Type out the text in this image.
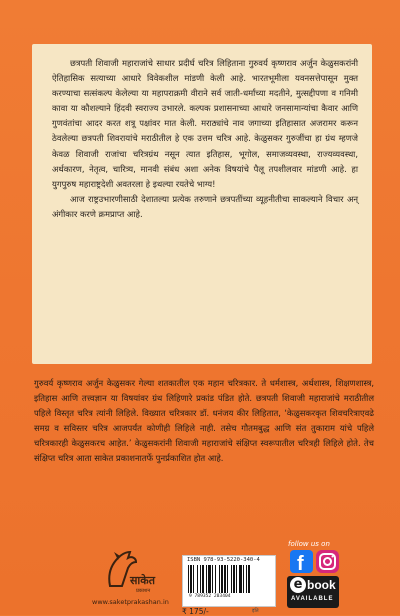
छत्रपती शिवाजी महाराजांचे साधार प्रदीर्घ चरित्र लिहिताना गुरुवर्य कृष्णराव अर्जुन केळुसकरांनी ऐतिहासिक सत्याच्या आधारे विवेकशील मांडणी केली आहे. भारतभूमीला यवनसत्तेपासून मुक्त करण्याचा सत्संकल्प केलेल्या या महापराक्रमी वीराने सर्व जाती-धर्मांच्या मदतीने, मुत्सद्दीपणा व गनिमी कावा या कौशल्याने हिंदवी स्वराज्य उभारले. कल्पक प्रशासनाच्या आधारे जनसामान्यांचा कैवार आणि गुणवंतांचा आदर करत शत्रू पक्षांवर मात केली. मराठ्यांचे नाव जगाच्या इतिहासात अजरामर करून ठेवलेल्या छत्रपती शिवरायांचे मराठीतील हे एक उत्तम चरित्र आहे. केळुसकर गुरुजींचा हा ग्रंथ म्हणजे केवळ शिवाजी राजांचा चरित्रग्रंथ नसून त्यात इतिहास, भूगोल, समाजव्यवस्था, राज्यव्यवस्था, अर्थकारण, नेतृत्व, चारित्र्य, मानवी संबंध अशा अनेक विषयांचे पैलू तपशीलवार मांडणी आहे. हा युगपुरुष महाराष्ट्रदेशी अवतरला हे इथल्या रयतेचे भाग्य!

आज राष्ट्रउभारणीसाठी देशातल्या प्रत्येक तरुणाने छत्रपतींच्या व्यूहनीतीचा साकल्याने विचार अन् अंगीकार करणे क्रमप्राप्त आहे.

गुरुवर्य कृष्णराव अर्जुन केळुसकर गेल्या शतकातील एक महान चरित्रकार. ते धर्मशास्त्र, अर्थशास्त्र, शिक्षणशास्त्र, इतिहास आणि तत्त्वज्ञान या विषयांवर ग्रंथ लिहिणारे प्रकांड पंडित होते. छत्रपती शिवाजी महाराजांचे मराठीतील पहिले विस्तृत चरित्र त्यांनी लिहिले. विख्यात चरित्रकार डॉ. धनंजय कीर लिहितात, ‘केळुसकरकृत शिवचरित्राएवढे समग्र व सविस्तर चरित्र आजपर्यंत कोणीही लिहिले नाही. तसेच गौतमबुद्ध आणि संत तुकाराम यांचे पहिले चरित्रकारही केळुसकरच आहेत.’ केळुसकरांनी शिवाजी महाराजांचे संक्षिप्त स्वरूपातील चरित्रही लिहिले होते. तेच संक्षिप्त चरित्र आता साकेत प्रकाशनातर्फे पुनर्प्रकाशित होत आहे.

साकेत
प्रकाशन
www.saketprakashan.in
ISBN 978-93-5220-340-4
9 789352 203404
₹ 175/-	इति
follow us on
f
e book
AVAILABLE
